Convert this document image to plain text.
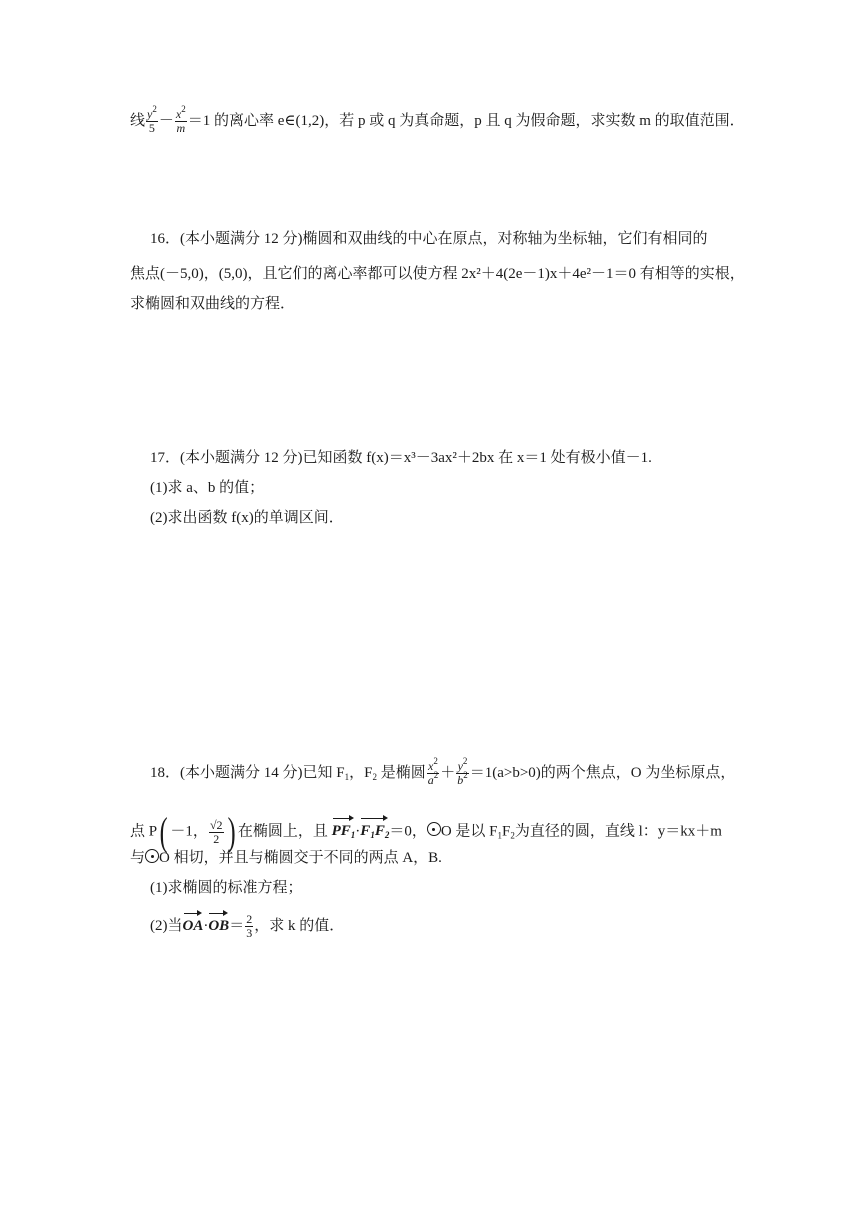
线 $\frac{y^2}{5} - \frac{x^2}{m} =1$ 的离心率 e∈(1,2)，若 p 或 q 为真命题，p 且 q 为假命题，求实数 m 的取值范围．
16．(本小题满分 12 分)椭圆和双曲线的中心在原点，对称轴为坐标轴，它们有相同的
焦点(－5,0)，(5,0)，且它们的离心率都可以使方程 2x²＋4(2e－1)x＋4e²－1＝0 有相等的实根，
求椭圆和双曲线的方程．
17．(本小题满分 12 分)已知函数 f(x)＝x³－3ax²＋2bx 在 x＝1 处有极小值－1.
(1)求 a、b 的值；
(2)求出函数 f(x)的单调区间．
18．(本小题满分 14 分)已知 $F_1$，$F_2$ 是椭圆 $\frac{x^2}{a^2} + \frac{y^2}{b^2} =1(a>b>0)$的两个焦点，O 为坐标原点，
点 P( －1， $\frac{√2}{2}$ ) 在椭圆上，且 $PF_1\cdot F_1F_2=0$， O 是以 $F_1F_2$为直径的圆，直线 l：y＝kx＋m
与 O 相切，并且与椭圆交于不同的两点 A，B.
(1)求椭圆的标准方程；
(2)当$OA\cdot OB= \frac{2}{3}$ ，求 k 的值．
